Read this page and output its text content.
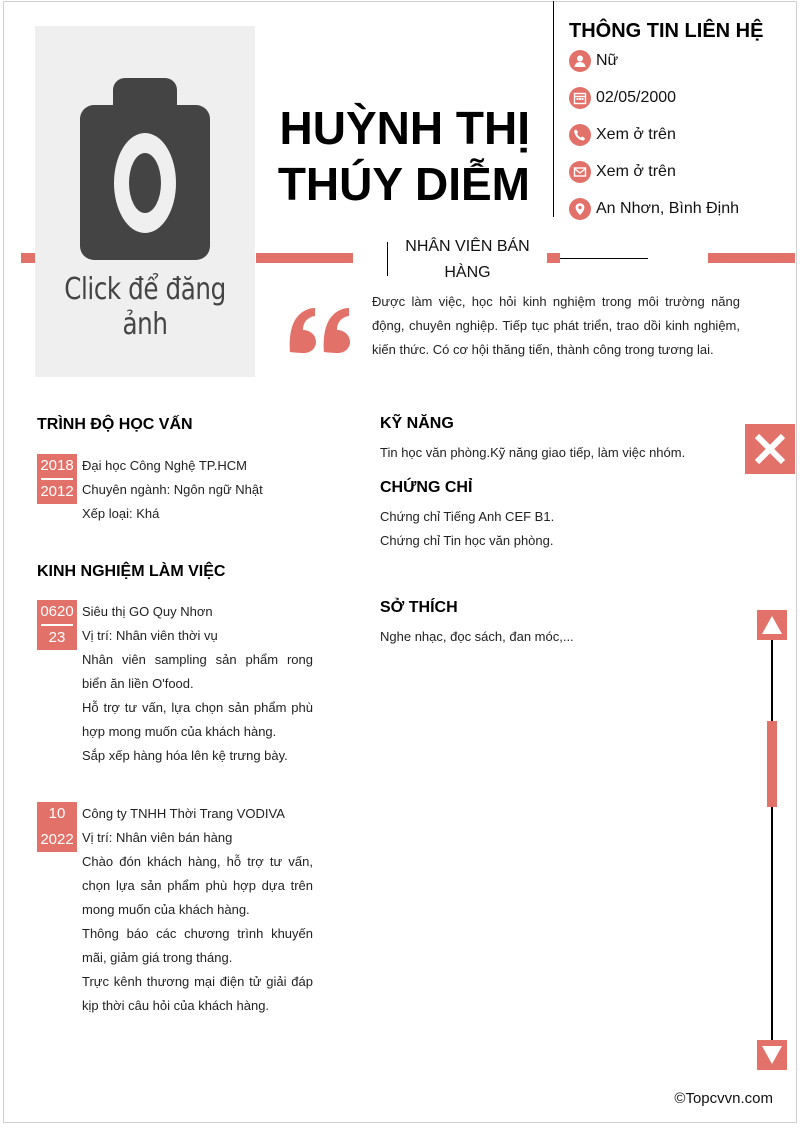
Click để đăng ảnh
HUỲNH THỊ
THÚY DIỄM
THÔNG TIN LIÊN HỆ
Nữ
02/05/2000
Xem ở trên
Xem ở trên
An Nhơn, Bình Định
NHÂN VIÊN BÁN
HÀNG
Được làm việc, học hỏi kinh nghiệm trong môi trường năng động, chuyên nghiệp. Tiếp tục phát triển, trao dồi kinh nghiệm, kiến thức. Có cơ hội thăng tiến, thành công trong tương lai.
TRÌNH ĐỘ HỌC VẤN
2018
2012
Đại học Công Nghệ TP.HCM
Chuyên ngành: Ngôn ngữ Nhật
Xếp loại: Khá
KINH NGHIỆM LÀM VIỆC
0620
23
Siêu thị GO Quy Nhơn
Vị trí: Nhân viên thời vụ
Nhân viên sampling sản phẩm rong biển ăn liền O'food.
Hỗ trợ tư vấn, lựa chọn sản phẩm phù hợp mong muốn của khách hàng.
Sắp xếp hàng hóa lên kệ trưng bày.
10
2022
Công ty TNHH Thời Trang VODIVA
Vị trí: Nhân viên bán hàng
Chào đón khách hàng, hỗ trợ tư vấn, chọn lựa sản phẩm phù hợp dựa trên mong muốn của khách hàng.
Thông báo các chương trình khuyến mãi, giảm giá trong tháng.
Trực kênh thương mại điện tử giải đáp kịp thời câu hỏi của khách hàng.
KỸ NĂNG
Tin học văn phòng.Kỹ năng giao tiếp, làm việc nhóm.
CHỨNG CHỈ
Chứng chỉ Tiếng Anh CEF B1.
Chứng chỉ Tin học văn phòng.
SỞ THÍCH
Nghe nhạc, đọc sách, đan móc,...
©Topcvvn.com
